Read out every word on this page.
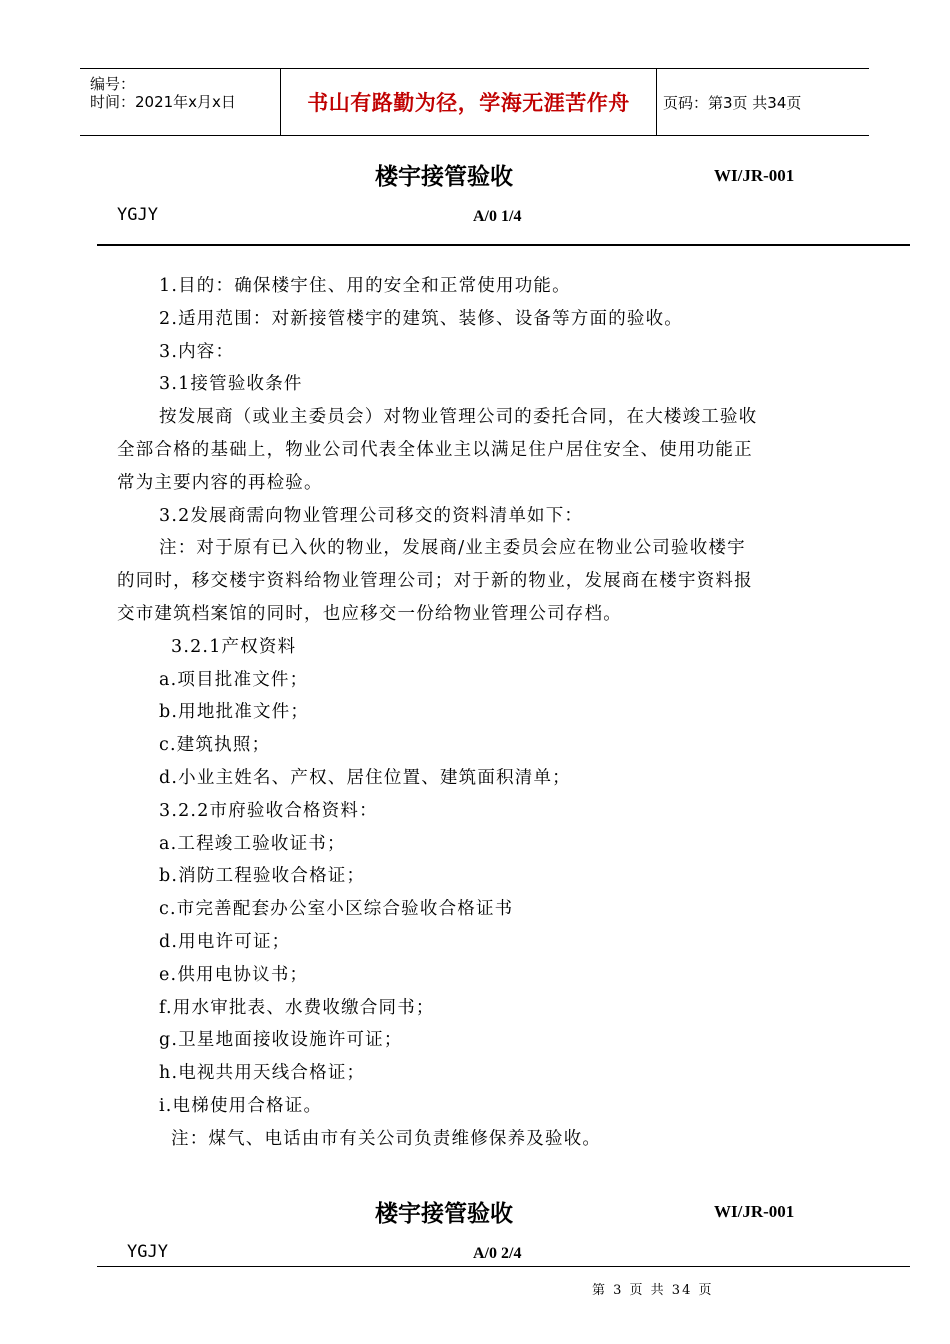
编号：
时间：2021年x月x日	书山有路勤为径，学海无涯苦作舟 页码：第3页 共34页
楼宇接管验收	WI/JR-001
YGJY	A/0 1/4
1.目的：确保楼宇住、用的安全和正常使用功能。
2.适用范围：对新接管楼宇的建筑、装修、设备等方面的验收。
3.内容：
3.1接管验收条件
按发展商（或业主委员会）对物业管理公司的委托合同，在大楼竣工验收
全部合格的基础上，物业公司代表全体业主以满足住户居住安全、使用功能正
常为主要内容的再检验。
3.2发展商需向物业管理公司移交的资料清单如下：
注：对于原有已入伙的物业，发展商/业主委员会应在物业公司验收楼宇
的同时，移交楼宇资料给物业管理公司；对于新的物业，发展商在楼宇资料报
交市建筑档案馆的同时，也应移交一份给物业管理公司存档。
3.2.1产权资料
a.项目批准文件；
b.用地批准文件；
c.建筑执照；
d.小业主姓名、产权、居住位置、建筑面积清单；
3.2.2市府验收合格资料：
a.工程竣工验收证书；
b.消防工程验收合格证；
c.市完善配套办公室小区综合验收合格证书
d.用电许可证；
e.供用电协议书；
f.用水审批表、水费收缴合同书；
g.卫星地面接收设施许可证；
h.电视共用天线合格证；
i.电梯使用合格证。
注：煤气、电话由市有关公司负责维修保养及验收。
楼宇接管验收	WI/JR-001
YGJY	A/0 2/4
第 3 页 共 34 页
